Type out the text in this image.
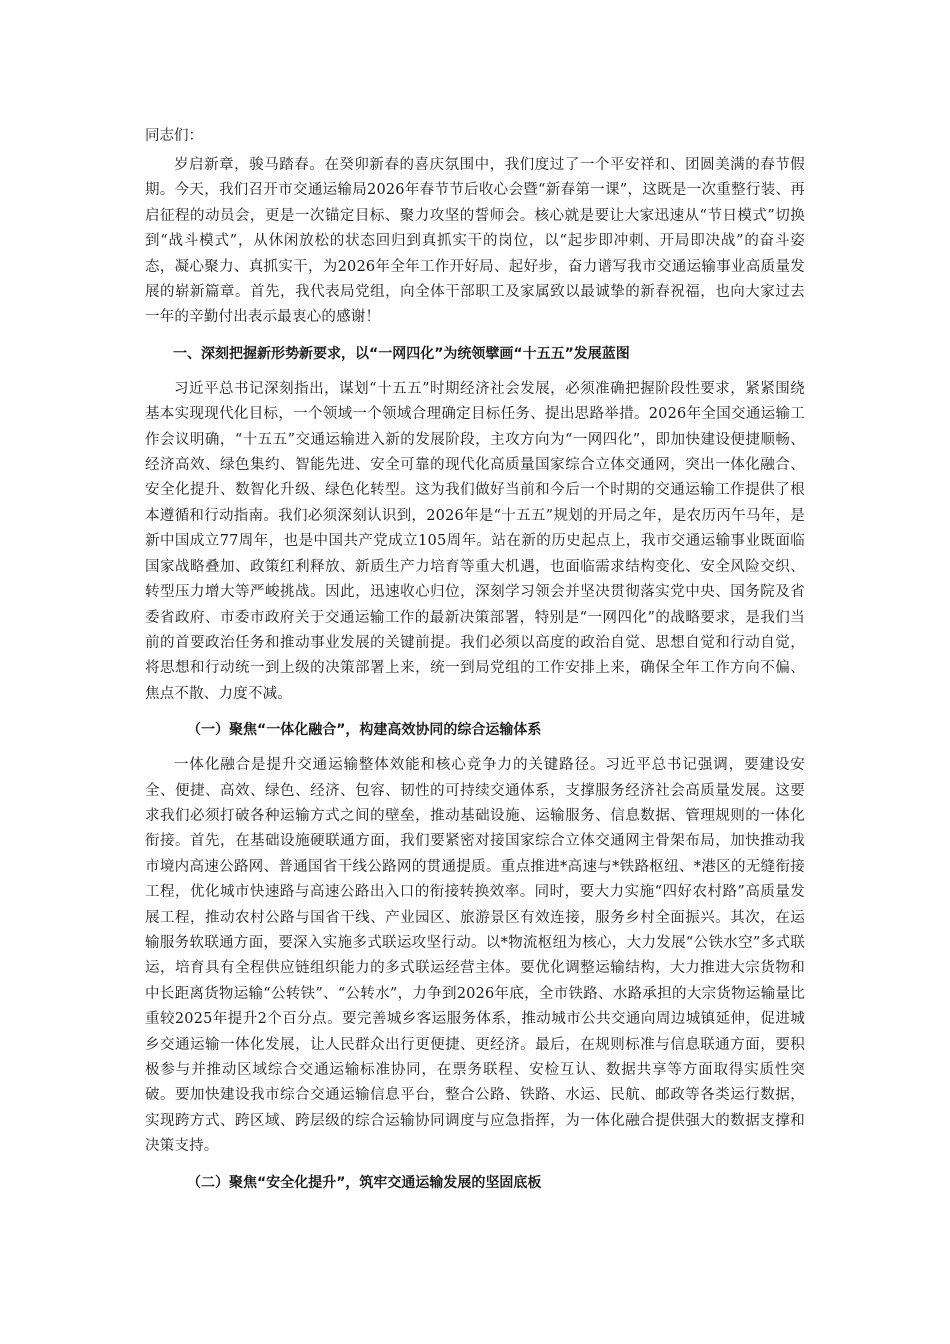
同志们：

岁启新章，骏马踏春。在癸卯新春的喜庆氛围中，我们度过了一个平安祥和、团圆美满的春节假期。今天，我们召开市交通运输局2026年春节节后收心会暨“新春第一课”，这既是一次重整行装、再启征程的动员会，更是一次锚定目标、聚力攻坚的誓师会。核心就是要让大家迅速从“节日模式”切换到“战斗模式”，从休闲放松的状态回归到真抓实干的岗位，以“起步即冲刺、开局即决战”的奋斗姿态，凝心聚力、真抓实干，为2026年全年工作开好局、起好步，奋力谱写我市交通运输事业高质量发展的崭新篇章。首先，我代表局党组，向全体干部职工及家属致以最诚挚的新春祝福，也向大家过去一年的辛勤付出表示最衷心的感谢！

一、深刻把握新形势新要求，以“一网四化”为统领擘画“十五五”发展蓝图

习近平总书记深刻指出，谋划“十五五”时期经济社会发展，必须准确把握阶段性要求，紧紧围绕基本实现现代化目标，一个领域一个领域合理确定目标任务、提出思路举措。2026年全国交通运输工作会议明确，“十五五”交通运输进入新的发展阶段，主攻方向为“一网四化”，即加快建设便捷顺畅、经济高效、绿色集约、智能先进、安全可靠的现代化高质量国家综合立体交通网，突出一体化融合、安全化提升、数智化升级、绿色化转型。这为我们做好当前和今后一个时期的交通运输工作提供了根本遵循和行动指南。我们必须深刻认识到，2026年是“十五五”规划的开局之年，是农历丙午马年，是新中国成立77周年，也是中国共产党成立105周年。站在新的历史起点上，我市交通运输事业既面临国家战略叠加、政策红利释放、新质生产力培育等重大机遇，也面临需求结构变化、安全风险交织、转型压力增大等严峻挑战。因此，迅速收心归位，深刻学习领会并坚决贯彻落实党中央、国务院及省委省政府、市委市政府关于交通运输工作的最新决策部署，特别是“一网四化”的战略要求，是我们当前的首要政治任务和推动事业发展的关键前提。我们必须以高度的政治自觉、思想自觉和行动自觉，将思想和行动统一到上级的决策部署上来，统一到局党组的工作安排上来，确保全年工作方向不偏、焦点不散、力度不减。

（一）聚焦“一体化融合”，构建高效协同的综合运输体系

一体化融合是提升交通运输整体效能和核心竞争力的关键路径。习近平总书记强调，要建设安全、便捷、高效、绿色、经济、包容、韧性的可持续交通体系，支撑服务经济社会高质量发展。这要求我们必须打破各种运输方式之间的壁垒，推动基础设施、运输服务、信息数据、管理规则的一体化衔接。首先，在基础设施硬联通方面，我们要紧密对接国家综合立体交通网主骨架布局，加快推动我市境内高速公路网、普通国省干线公路网的贯通提质。重点推进*高速与*铁路枢纽、*港区的无缝衔接工程，优化城市快速路与高速公路出入口的衔接转换效率。同时，要大力实施“四好农村路”高质量发展工程，推动农村公路与国省干线、产业园区、旅游景区有效连接，服务乡村全面振兴。其次，在运输服务软联通方面，要深入实施多式联运攻坚行动。以*物流枢纽为核心，大力发展“公铁水空”多式联运，培育具有全程供应链组织能力的多式联运经营主体。要优化调整运输结构，大力推进大宗货物和中长距离货物运输“公转铁”、“公转水”，力争到2026年底，全市铁路、水路承担的大宗货物运输量比重较2025年提升2个百分点。要完善城乡客运服务体系，推动城市公共交通向周边城镇延伸，促进城乡交通运输一体化发展，让人民群众出行更便捷、更经济。最后，在规则标准与信息联通方面，要积极参与并推动区域综合交通运输标准协同，在票务联程、安检互认、数据共享等方面取得实质性突破。要加快建设我市综合交通运输信息平台，整合公路、铁路、水运、民航、邮政等各类运行数据，实现跨方式、跨区域、跨层级的综合运输协同调度与应急指挥，为一体化融合提供强大的数据支撑和决策支持。

（二）聚焦“安全化提升”，筑牢交通运输发展的坚固底板
